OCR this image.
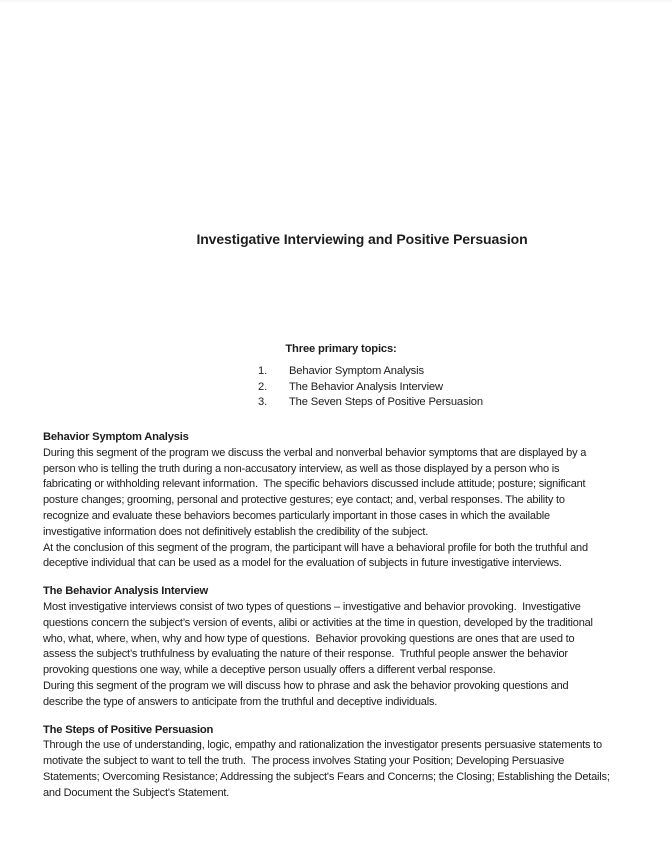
Investigative Interviewing and Positive Persuasion
Three primary topics:
1.	Behavior Symptom Analysis
2.	The Behavior Analysis Interview
3.	The Seven Steps of Positive Persuasion
Behavior Symptom Analysis
During this segment of the program we discuss the verbal and nonverbal behavior symptoms that are displayed by a
person who is telling the truth during a non-accusatory interview, as well as those displayed by a person who is
fabricating or withholding relevant information.  The specific behaviors discussed include attitude; posture; significant
posture changes; grooming, personal and protective gestures; eye contact; and, verbal responses. The ability to
recognize and evaluate these behaviors becomes particularly important in those cases in which the available
investigative information does not definitively establish the credibility of the subject.
At the conclusion of this segment of the program, the participant will have a behavioral profile for both the truthful and
deceptive individual that can be used as a model for the evaluation of subjects in future investigative interviews.
The Behavior Analysis Interview
Most investigative interviews consist of two types of questions – investigative and behavior provoking.  Investigative
questions concern the subject’s version of events, alibi or activities at the time in question, developed by the traditional
who, what, where, when, why and how type of questions.  Behavior provoking questions are ones that are used to
assess the subject’s truthfulness by evaluating the nature of their response.  Truthful people answer the behavior
provoking questions one way, while a deceptive person usually offers a different verbal response.
During this segment of the program we will discuss how to phrase and ask the behavior provoking questions and
describe the type of answers to anticipate from the truthful and deceptive individuals.
The Steps of Positive Persuasion
Through the use of understanding, logic, empathy and rationalization the investigator presents persuasive statements to
motivate the subject to want to tell the truth.  The process involves Stating your Position; Developing Persuasive
Statements; Overcoming Resistance; Addressing the subject's Fears and Concerns; the Closing; Establishing the Details;
and Document the Subject's Statement.
